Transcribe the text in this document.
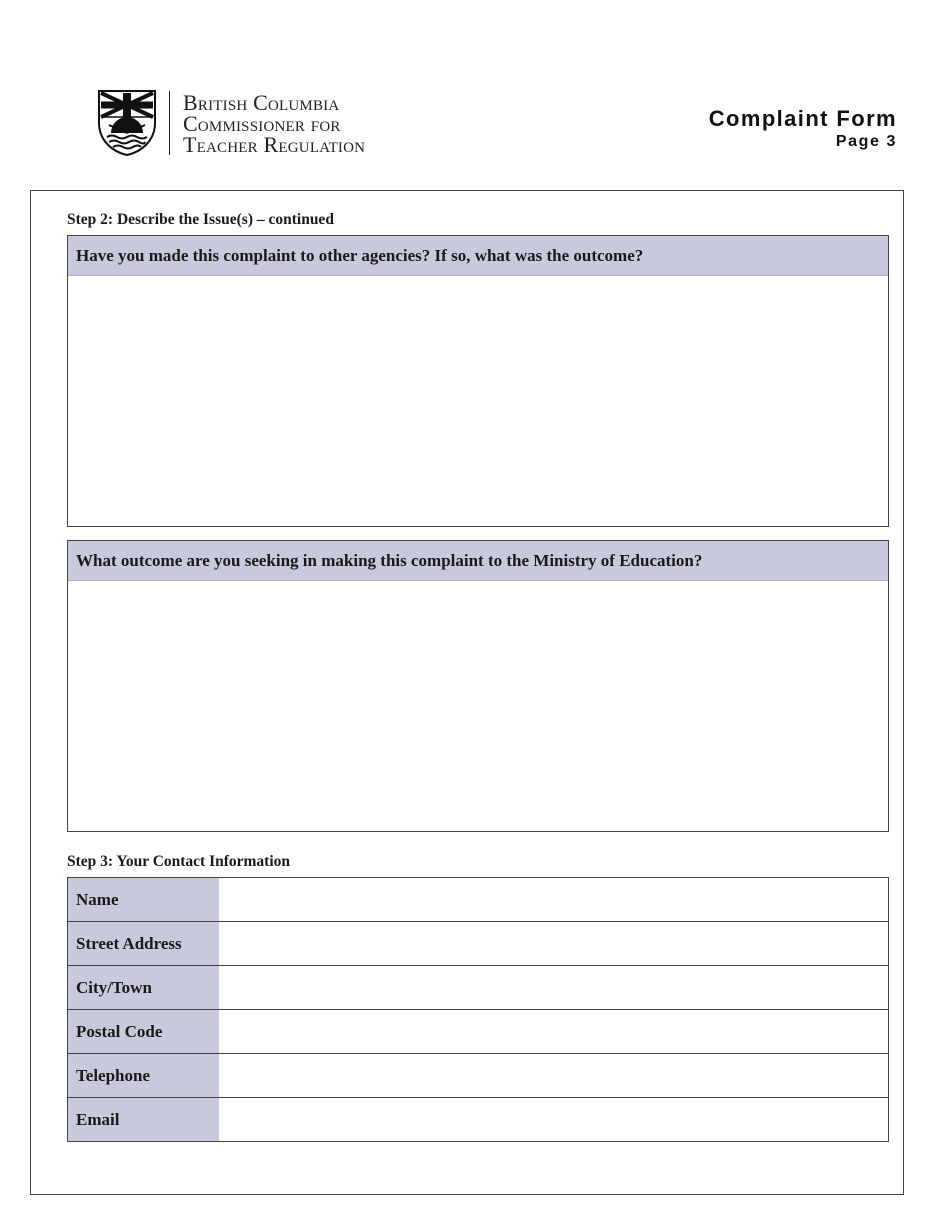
British Columbia
Commissioner for
Teacher Regulation
Complaint Form
Page 3
Step 2: Describe the Issue(s) – continued
Have you made this complaint to other agencies? If so, what was the outcome?
What outcome are you seeking in making this complaint to the Ministry of Education?
Step 3: Your Contact Information
Name	
Street Address	
City/Town	
Postal Code	
Telephone	
Email	
